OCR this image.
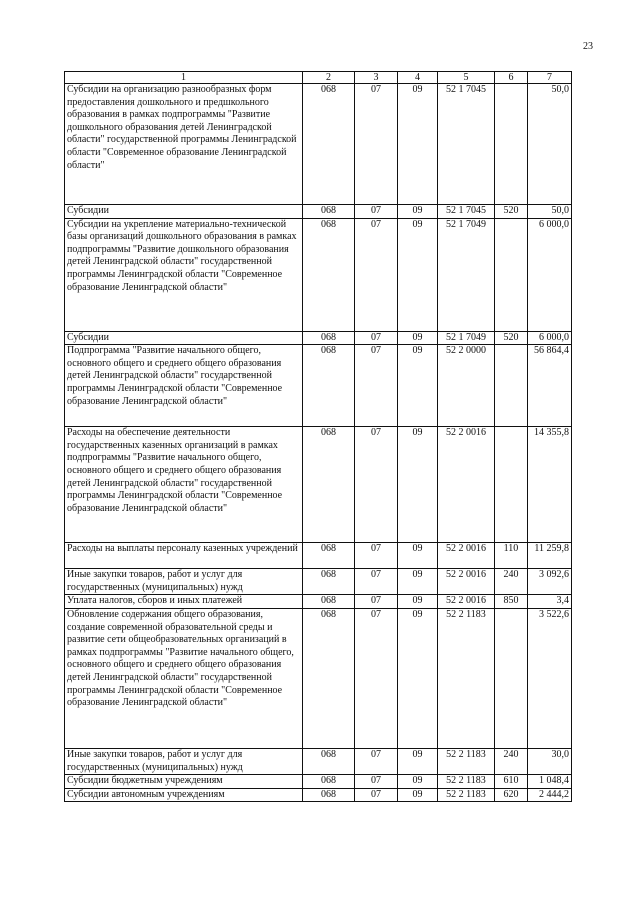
23
1	2	3	4	5	6	7
Субсидии на организацию разнообразных форм предоставления дошкольного и предшкольного образования в рамках подпрограммы "Развитие дошкольного образования детей Ленинградской области" государственной программы Ленинградской области "Современное образование Ленинградской области"	068	07	09	52 1 7045		50,0
Субсидии	068	07	09	52 1 7045	520	50,0
Субсидии на укрепление материально-технической базы организаций дошкольного образования в рамках подпрограммы "Развитие дошкольного образования детей Ленинградской области" государственной программы Ленинградской области "Современное образование Ленинградской области"	068	07	09	52 1 7049		6 000,0
Субсидии	068	07	09	52 1 7049	520	6 000,0
Подпрограмма "Развитие начального общего, основного общего и среднего общего образования детей Ленинградской области" государственной программы Ленинградской области "Современное образование Ленинградской области"	068	07	09	52 2 0000		56 864,4
Расходы на обеспечение деятельности государственных казенных организаций в рамках подпрограммы "Развитие начального общего, основного общего и среднего общего образования детей Ленинградской области" государственной программы Ленинградской области "Современное образование Ленинградской области"	068	07	09	52 2 0016		14 355,8
Расходы на выплаты персоналу казенных учреждений	068	07	09	52 2 0016	110	11 259,8
Иные закупки товаров, работ и услуг для государственных (муниципальных) нужд	068	07	09	52 2 0016	240	3 092,6
Уплата налогов, сборов и иных платежей	068	07	09	52 2 0016	850	3,4
Обновление содержания общего образования, создание современной образовательной среды и развитие сети общеобразовательных организаций в рамках подпрограммы "Развитие начального общего, основного общего и среднего общего образования детей Ленинградской области" государственной программы Ленинградской области "Современное образование Ленинградской области"	068	07	09	52 2 1183		3 522,6
Иные закупки товаров, работ и услуг для государственных (муниципальных) нужд	068	07	09	52 2 1183	240	30,0
Субсидии бюджетным учреждениям	068	07	09	52 2 1183	610	1 048,4
Субсидии автономным учреждениям	068	07	09	52 2 1183	620	2 444,2
